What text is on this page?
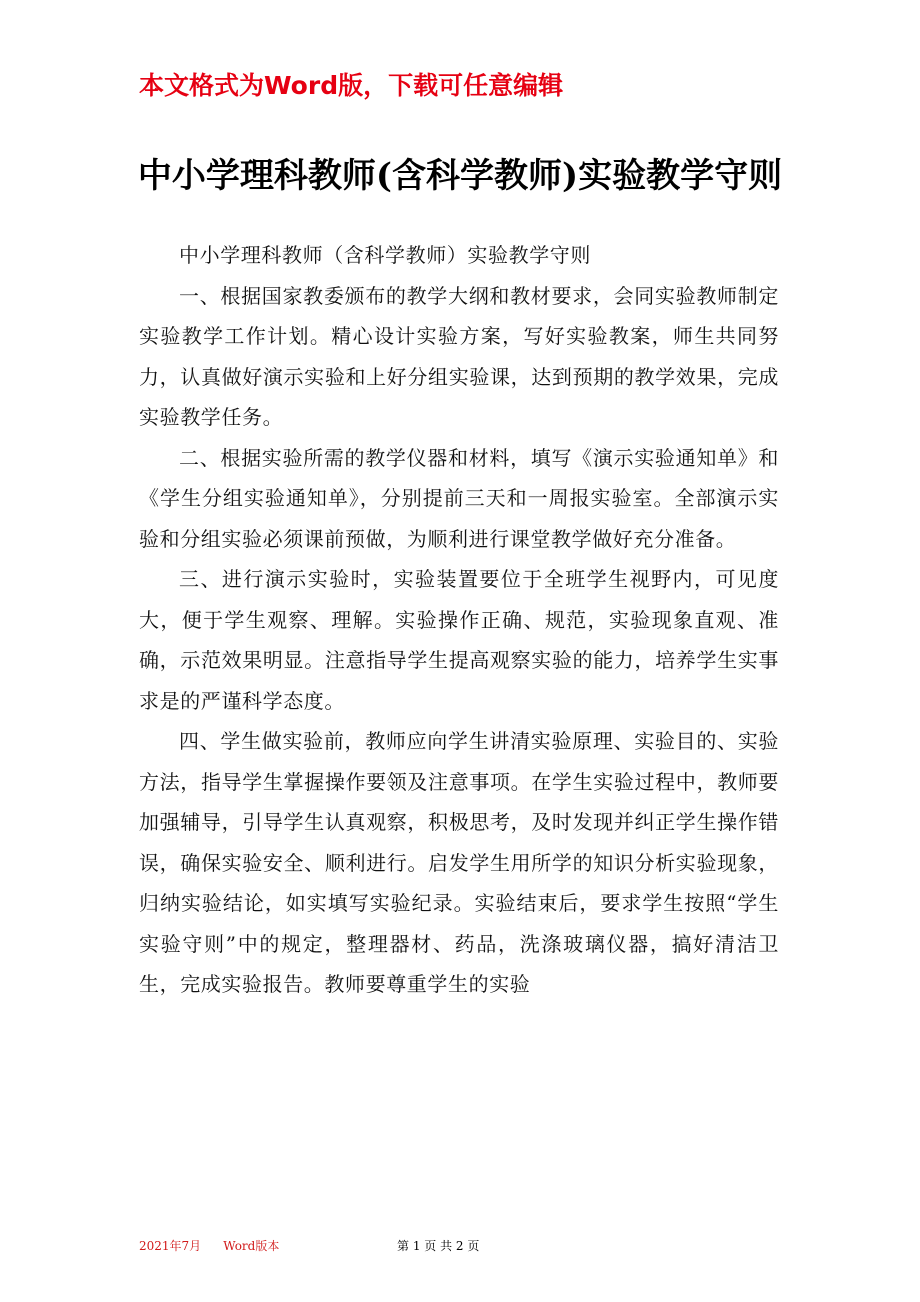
本文格式为Word版，下载可任意编辑
中小学理科教师(含科学教师)实验教学守则

中小学理科教师（含科学教师）实验教学守则

一、根据国家教委颁布的教学大纲和教材要求，会同实验教师制定实验教学工作计划。精心设计实验方案，写好实验教案，师生共同努力，认真做好演示实验和上好分组实验课，达到预期的教学效果，完成实验教学任务。

二、根据实验所需的教学仪器和材料，填写《演示实验通知单》和《学生分组实验通知单》，分别提前三天和一周报实验室。全部演示实验和分组实验必须课前预做，为顺利进行课堂教学做好充分准备。

三、进行演示实验时，实验装置要位于全班学生视野内，可见度大，便于学生观察、理解。实验操作正确、规范，实验现象直观、准确，示范效果明显。注意指导学生提高观察实验的能力，培养学生实事求是的严谨科学态度。

四、学生做实验前，教师应向学生讲清实验原理、实验目的、实验方法，指导学生掌握操作要领及注意事项。在学生实验过程中，教师要加强辅导，引导学生认真观察，积极思考，及时发现并纠正学生操作错误，确保实验安全、顺利进行。启发学生用所学的知识分析实验现象，归纳实验结论，如实填写实验纪录。实验结束后，要求学生按照“学生实验守则”中的规定，整理器材、药品，洗涤玻璃仪器，搞好清洁卫生，完成实验报告。教师要尊重学生的实验

2021年7月 Word版本	第 1 页 共 2 页
